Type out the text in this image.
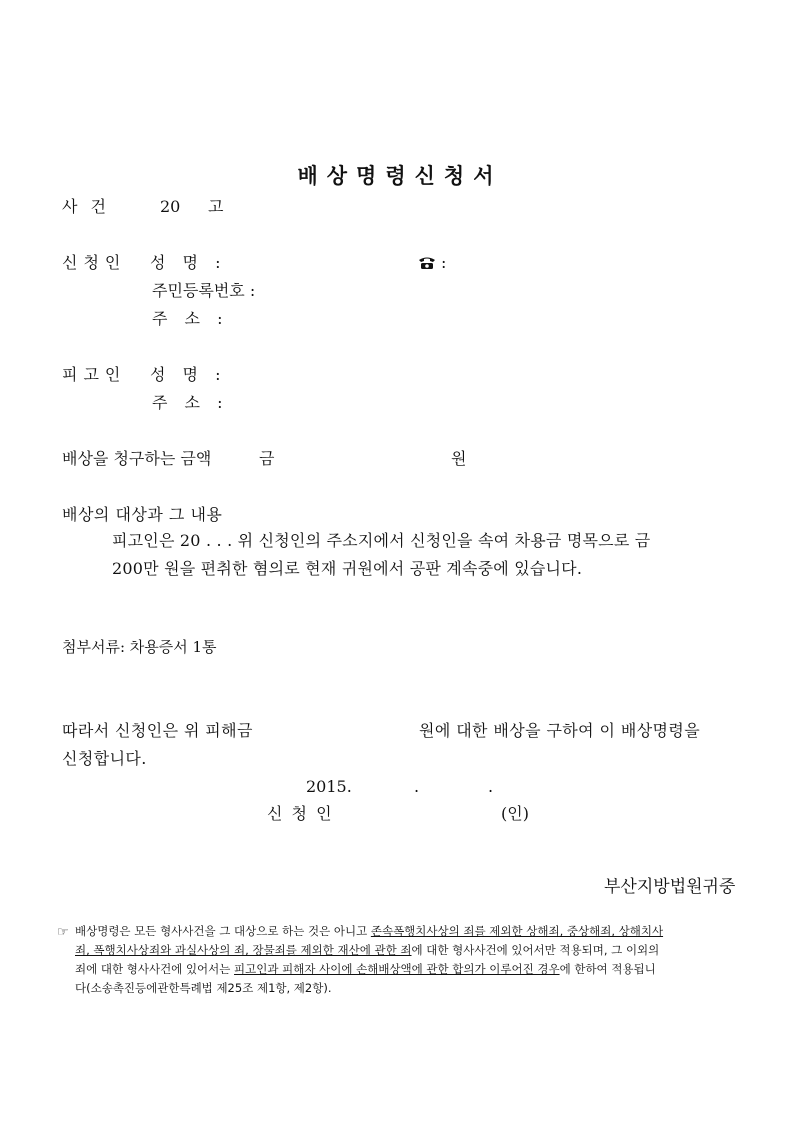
배상명령신청서
사 건	20 고
신청인 성 명 :	:
주민등록번호 :
주 소 :
피고인 성 명 :
주 소 :
배상을 청구하는 금액	금	원
배상의 대상과 그 내용
피고인은 20 . . . 위 신청인의 주소지에서 신청인을 속여 차용금 명목으로 금
200만 원을 편취한 혐의로 현재 귀원에서 공판 계속중에 있습니다.
첨부서류: 차용증서 1통
따라서 신청인은 위 피해금	원에 대한 배상을 구하여 이 배상명령을
신청합니다.
2015.	.	.
신 청 인	(인)
부산지방법원귀중
☞ 배상명령은 모든 형사사건을 그 대상으로 하는 것은 아니고 존속폭행치사상의 죄를 제외한 상해죄, 중상해죄, 상해치사
죄, 폭행치사상죄와 과실사상의 죄, 장물죄를 제외한 재산에 관한 죄에 대한 형사사건에 있어서만 적용되며, 그 이외의
죄에 대한 형사사건에 있어서는 피고인과 피해자 사이에 손해배상액에 관한 합의가 이루어진 경우에 한하여 적용됩니
다(소송촉진등에관한특례법 제25조 제1항, 제2항).
